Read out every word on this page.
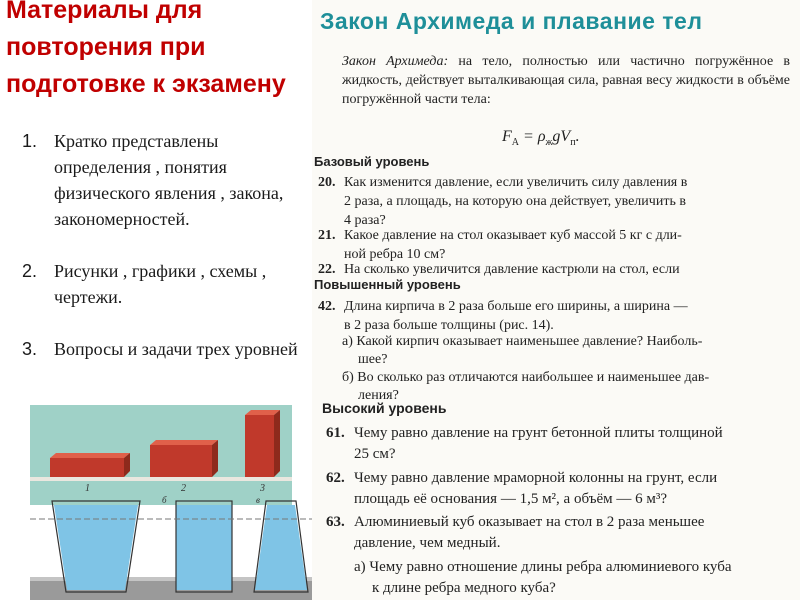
Материалы для повторения при подготовке к экзамену
1. Кратко представлены определения , понятия физического явления , закона, закономерностей.
2. Рисунки , графики , схемы , чертежи.
3. Вопросы и задачи трех уровней
1	2	3
б	в
Закон Архимеда и плавание тел
Закон Архимеда: на тело, полностью или частично погружённое в жидкость, действует выталкивающая сила, равная весу жидкости в объёме погружённой части тела:
$F_A = \rho_жgV_п$.
Базовый уровень
20. Как изменится давление, если увеличить силу давления в
2 раза, а площадь, на которую она действует, увеличить в
4 раза?
21. Какое давление на стол оказывает куб массой 5 кг с дли-
ной ребра 10 см?
22. На сколько увеличится давление кастрюли на стол, если
Повышенный уровень
42. Длина кирпича в 2 раза больше его ширины, а ширина —
в 2 раза больше толщины (рис. 14).
а) Какой кирпич оказывает наименьшее давление? Наиболь-
шее?
б) Во сколько раз отличаются наибольшее и наименьшее дав-
ления?
Высокий уровень
61. Чему равно давление на грунт бетонной плиты толщиной
25 см?
62. Чему равно давление мраморной колонны на грунт, если
площадь её основания — 1,5 м², а объём — 6 м³?
63. Алюминиевый куб оказывает на стол в 2 раза меньшее
давление, чем медный.
а) Чему равно отношение длины ребра алюминиевого куба
к длине ребра медного куба?
